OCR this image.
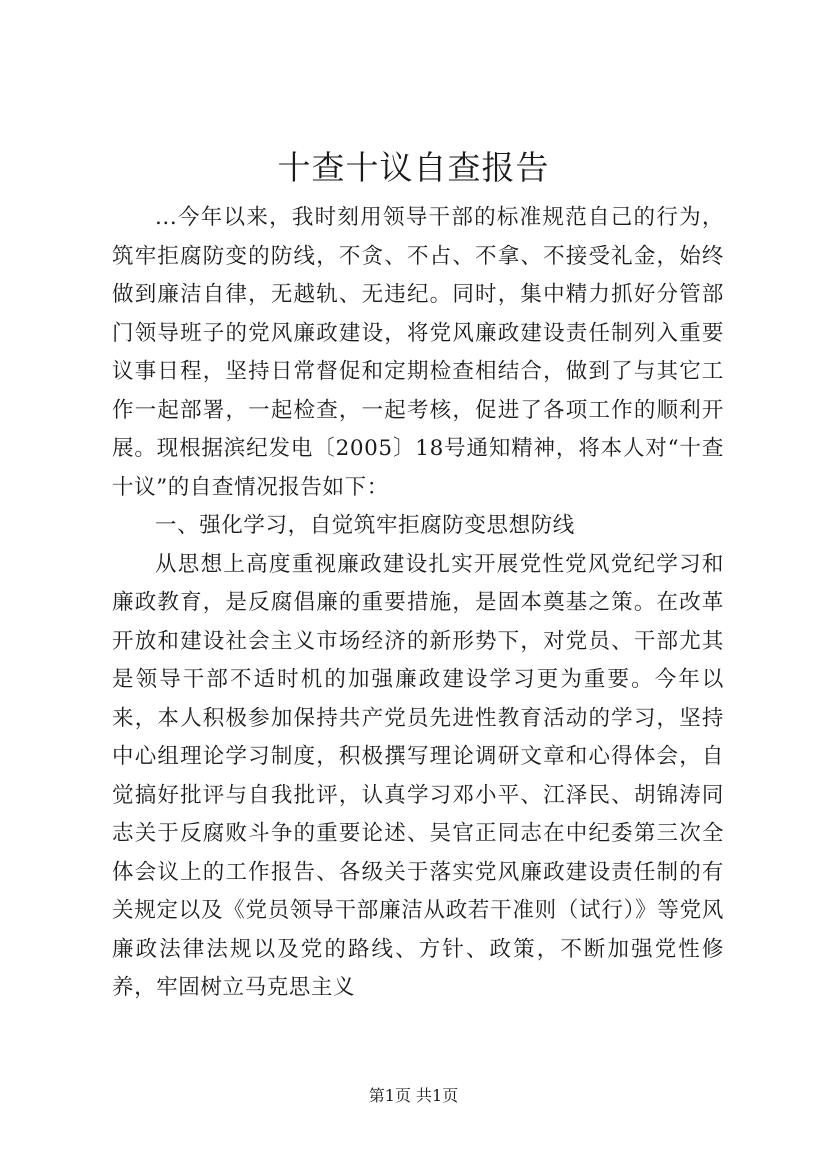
十查十议自查报告

...今年以来，我时刻用领导干部的标准规范自己的行为，筑牢拒腐防变的防线，不贪、不占、不拿、不接受礼金，始终做到廉洁自律，无越轨、无违纪。同时，集中精力抓好分管部门领导班子的党风廉政建设，将党风廉政建设责任制列入重要议事日程，坚持日常督促和定期检查相结合，做到了与其它工作一起部署，一起检查，一起考核，促进了各项工作的顺利开展。现根据滨纪发电〔2005〕18号通知精神，将本人对“十查十议”的自查情况报告如下：

一、强化学习，自觉筑牢拒腐防变思想防线

从思想上高度重视廉政建设扎实开展党性党风党纪学习和廉政教育，是反腐倡廉的重要措施，是固本奠基之策。在改革开放和建设社会主义市场经济的新形势下，对党员、干部尤其是领导干部不适时机的加强廉政建设学习更为重要。今年以来，本人积极参加保持共产党员先进性教育活动的学习，坚持中心组理论学习制度，积极撰写理论调研文章和心得体会，自觉搞好批评与自我批评，认真学习邓小平、江泽民、胡锦涛同志关于反腐败斗争的重要论述、吴官正同志在中纪委第三次全体会议上的工作报告、各级关于落实党风廉政建设责任制的有关规定以及《党员领导干部廉洁从政若干准则（试行）》等党风廉政法律法规以及党的路线、方针、政策，不断加强党性修养，牢固树立马克思主义

第1页 共1页
